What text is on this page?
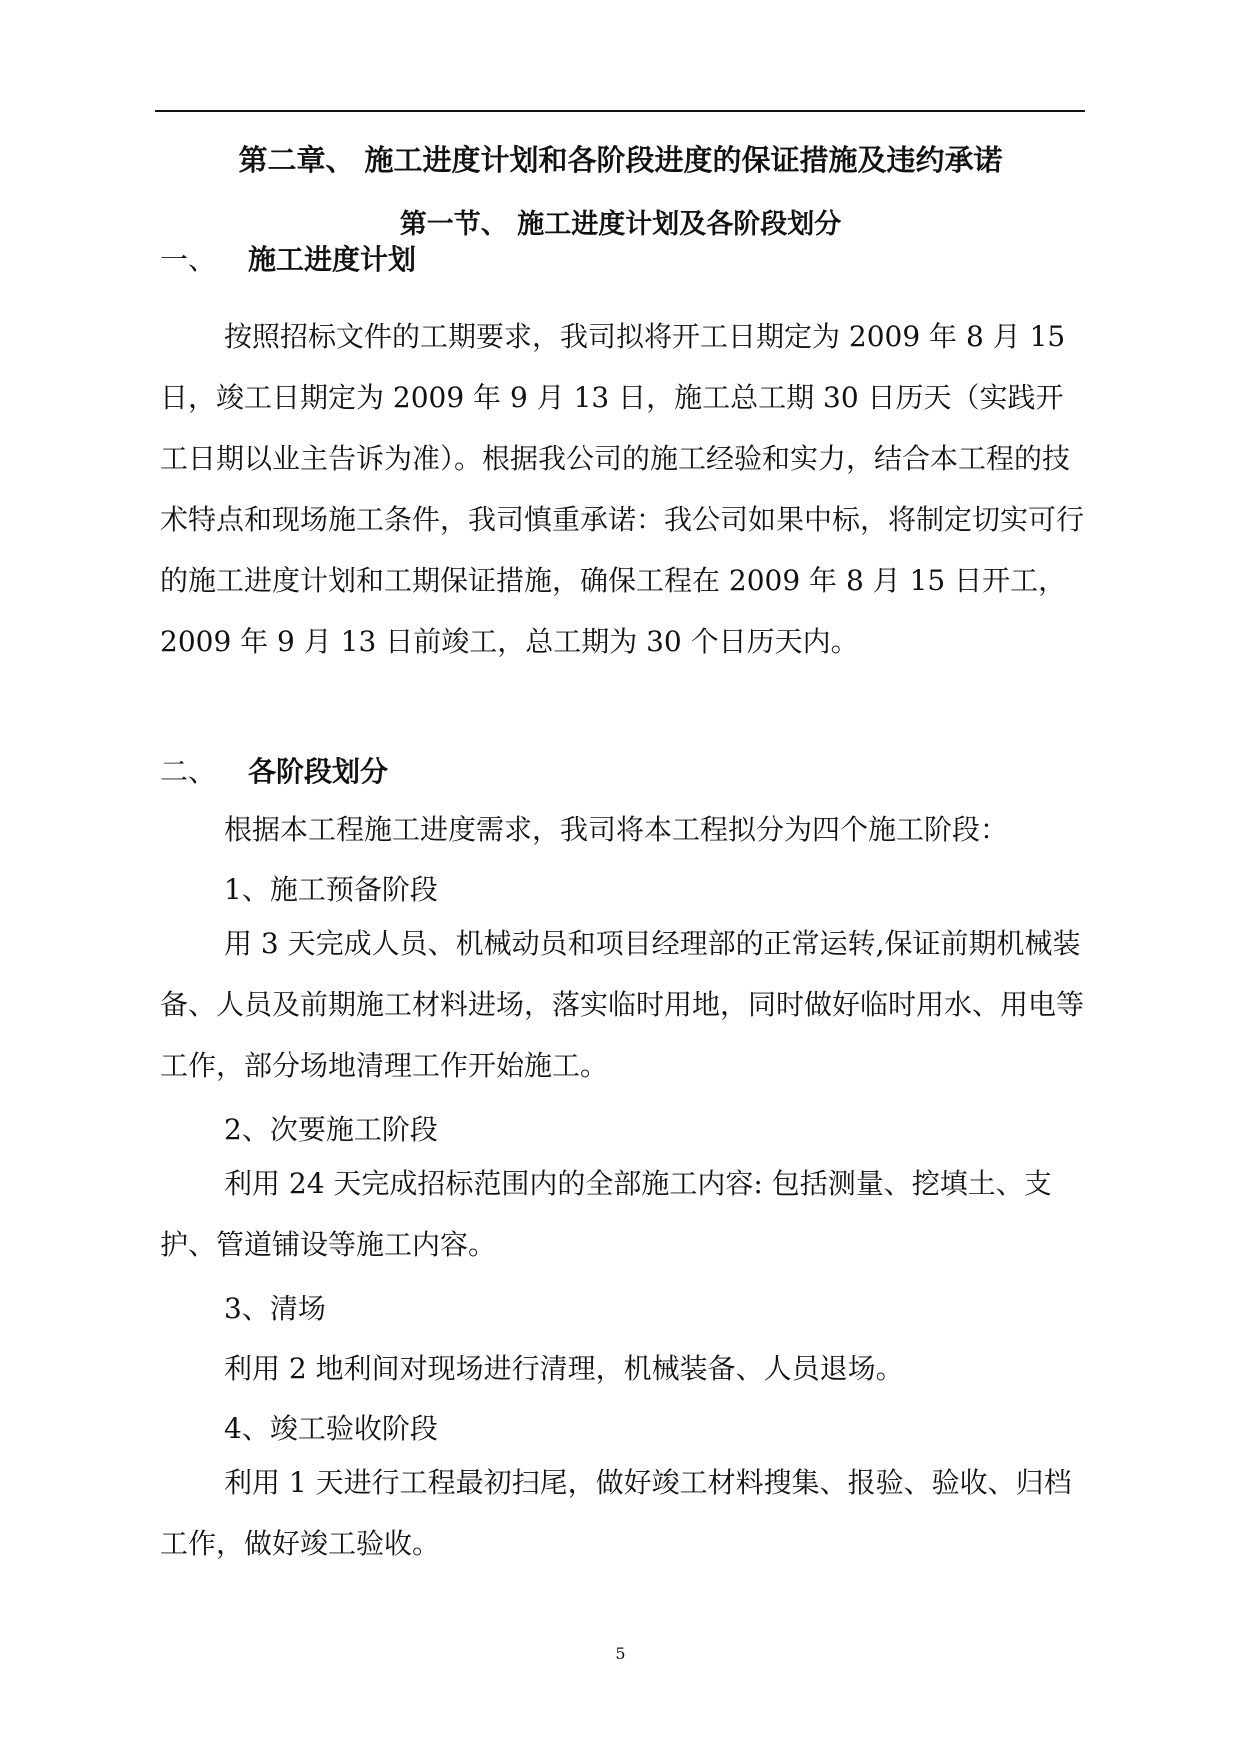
第二章、 施工进度计划和各阶段进度的保证措施及违约承诺
第一节、 施工进度计划及各阶段划分
一、 施工进度计划
按照招标文件的工期要求，我司拟将开工日期定为 2009 年 8 月 15 日，竣工日期定为 2009 年 9 月 13 日，施工总工期 30 日历天（实践开工日期以业主告诉为准）。根据我公司的施工经验和实力，结合本工程的技术特点和现场施工条件，我司慎重承诺：我公司如果中标，将制定切实可行的施工进度计划和工期保证措施，确保工程在 2009 年 8 月 15 日开工，2009 年 9 月 13 日前竣工，总工期为 30 个日历天内。
二、 各阶段划分
根据本工程施工进度需求，我司将本工程拟分为四个施工阶段：
1、施工预备阶段
用 3 天完成人员、机械动员和项目经理部的正常运转,保证前期机械装备、人员及前期施工材料进场，落实临时用地，同时做好临时用水、用电等工作，部分场地清理工作开始施工。
2、次要施工阶段
利用 24 天完成招标范围内的全部施工内容: 包括测量、挖填土、支护、管道铺设等施工内容。
3、清场
利用 2 地利间对现场进行清理，机械装备、人员退场。
4、竣工验收阶段
利用 1 天进行工程最初扫尾，做好竣工材料搜集、报验、验收、归档工作，做好竣工验收。
5
